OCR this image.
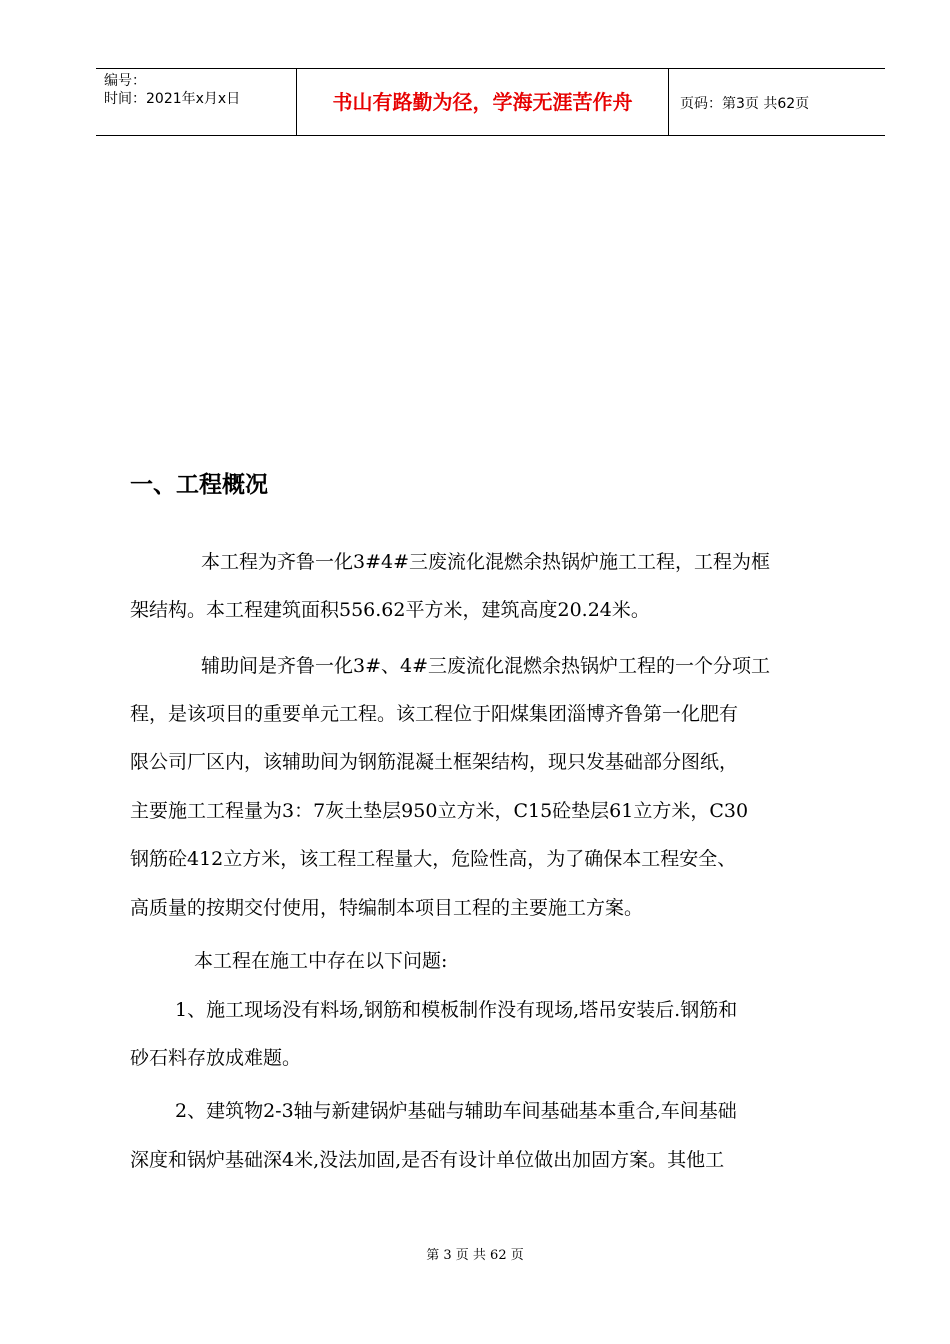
编号：
时间：2021年x月x日	书山有路勤为径，学海无涯苦作舟	页码：第3页 共62页
一、工程概况
　本工程为齐鲁一化3#4#三废流化混燃余热锅炉施工工程，工程为框
架结构。本工程建筑面积556.62平方米，建筑高度20.24米。
　辅助间是齐鲁一化3#、4#三废流化混燃余热锅炉工程的一个分项工
程，是该项目的重要单元工程。该工程位于阳煤集团淄博齐鲁第一化肥有
限公司厂区内，该辅助间为钢筋混凝土框架结构，现只发基础部分图纸，
主要施工工程量为3：7灰土垫层950立方米，C15砼垫层61立方米，C30
钢筋砼412立方米，该工程工程量大，危险性高，为了确保本工程安全、
高质量的按期交付使用，特编制本项目工程的主要施工方案。
　本工程在施工中存在以下问题:
1、施工现场没有料场,钢筋和模板制作没有现场,塔吊安装后.钢筋和
砂石料存放成难题。
2、建筑物2-3轴与新建锅炉基础与辅助车间基础基本重合,车间基础
深度和锅炉基础深4米,没法加固,是否有设计单位做出加固方案。其他工
第 3 页 共 62 页
